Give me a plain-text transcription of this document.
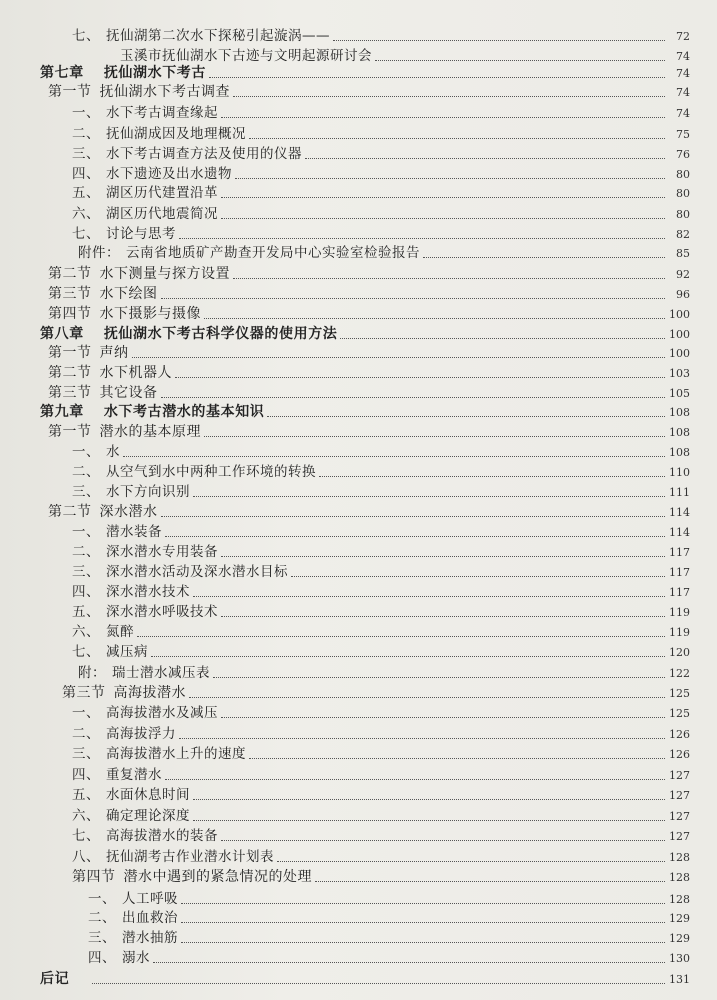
七、 抚仙湖第二次水下探秘引起漩涡——	72
玉溪市抚仙湖水下古迹与文明起源研讨会	74
第七章 抚仙湖水下考古	74
第一节 抚仙湖水下考古调查	74
一、 水下考古调查缘起	74
二、 抚仙湖成因及地理概况	75
三、 水下考古调查方法及使用的仪器	76
四、 水下遗迹及出水遗物	80
五、 湖区历代建置沿革	80
六、 湖区历代地震简况	80
七、 讨论与思考	82
附件： 云南省地质矿产勘查开发局中心实验室检验报告	85
第二节 水下测量与探方设置	92
第三节 水下绘图	96
第四节 水下摄影与摄像	100
第八章 抚仙湖水下考古科学仪器的使用方法	100
第一节 声纳	100
第二节 水下机器人	103
第三节 其它设备	105
第九章 水下考古潜水的基本知识	108
第一节 潜水的基本原理	108
一、 水	108
二、 从空气到水中两种工作环境的转换	110
三、 水下方向识别	111
第二节 深水潜水	114
一、 潜水装备	114
二、 深水潜水专用装备	117
三、 深水潜水活动及深水潜水目标	117
四、 深水潜水技术	117
五、 深水潜水呼吸技术	119
六、 氮醉	119
七、 减压病	120
附： 瑞士潜水减压表	122
第三节 高海拔潜水	125
一、 高海拔潜水及减压	125
二、 高海拔浮力	126
三、 高海拔潜水上升的速度	126
四、 重复潜水	127
五、 水面休息时间	127
六、 确定理论深度	127
七、 高海拔潜水的装备	127
八、 抚仙湖考古作业潜水计划表	128
第四节 潜水中遇到的紧急情况的处理	128
一、 人工呼吸	128
二、 出血救治	129
三、 潜水抽筋	129
四、 溺水	130
后记	131
